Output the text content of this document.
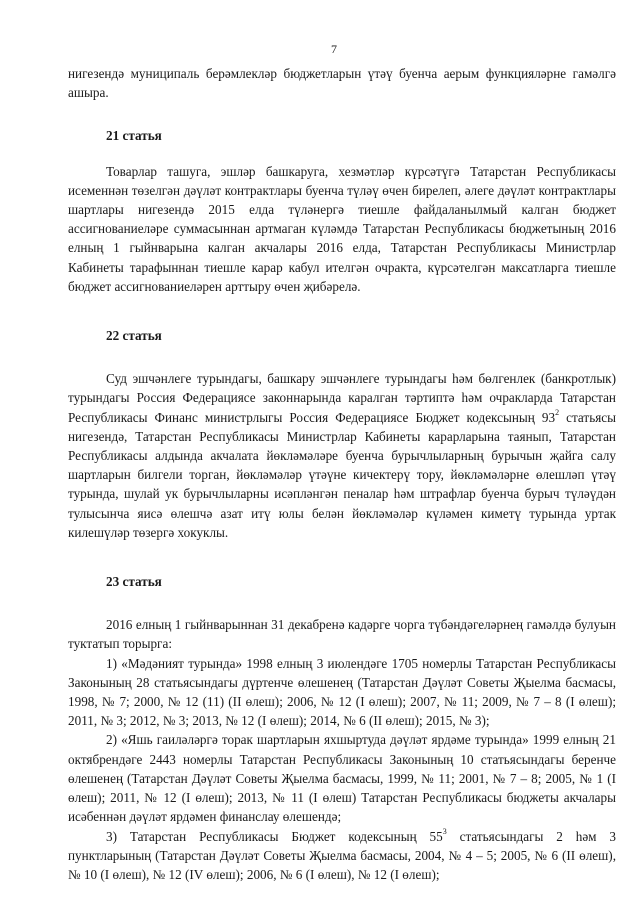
7

нигезендә муниципаль берәмлекләр бюджетларын үтәү буенча аерым функцияләрне гамәлгә ашыра.

21 статья

Товарлар ташуга, эшләр башкаруга, хезмәтләр күрсәтүгә Татарстан Республикасы исеменнән төзелгән дәүләт контрактлары буенча түләү өчен бирелеп, әлеге дәүләт контрактлары шартлары нигезендә 2015 елда түләнергә тиешле файдаланылмый калган бюджет ассигнованиеләре суммасыннан артмаган күләмдә Татарстан Республикасы бюджетының 2016 елның 1 гыйнварына калган акчалары 2016 елда, Татарстан Республикасы Министрлар Кабинеты тарафыннан тиешле карар кабул ителгән очракта, күрсәтелгән максатларга тиешле бюджет ассигнованиеләрен арттыру өчен җибәрелә.

22 статья

Суд эшчәнлеге турындагы, башкару эшчәнлеге турындагы һәм бөлгенлек (банкротлык) турындагы Россия Федерациясе законнарында каралган тәртиптә һәм очракларда Татарстан Республикасы Финанс министрлыгы Россия Федерациясе Бюджет кодексының $93^2$ статьясы нигезендә, Татарстан Республикасы Министрлар Кабинеты карарларына таянып, Татарстан Республикасы алдында акчалата йөкләмәләре буенча бурычлыларның бурычын җайга салу шартларын билгели торган, йөкләмәләр үтәүне кичектерү тору, йөкләмәләрне өлешләп үтәү турында, шулай ук бурычлыларны исәпләнгән пеналар һәм штрафлар буенча бурыч түләүдән тулысынча яисә өлешчә азат итү юлы белән йөкләмәләр күләмен киметү турында уртак килешүләр төзергә хокуклы.

23 статья

2016 елның 1 гыйнварыннан 31 декабренә кадәрге чорга түбәндәгеләрнең гамәлдә булуын туктатып торырга:

1) «Мәдәният турында» 1998 елның 3 июлендәге 1705 номерлы Татарстан Республикасы Законының 28 статьясындагы дүртенче өлешенең (Татарстан Дәүләт Советы Җыелма басмасы, 1998, № 7; 2000, № 12 (11) (II өлеш); 2006, № 12 (I өлеш); 2007, № 11; 2009, № 7 – 8 (I өлеш); 2011, № 3; 2012, № 3; 2013, № 12 (I өлеш); 2014, № 6 (II өлеш); 2015, № 3);

2) «Яшь гаиләләргә торак шартларын яхшыртуда дәүләт ярдәме турында» 1999 елның 21 октябрендәге 2443 номерлы Татарстан Республикасы Законының 10 статьясындагы беренче өлешенең (Татарстан Дәүләт Советы Җыелма басмасы, 1999, № 11; 2001, № 7 – 8; 2005, № 1 (I өлеш); 2011, № 12 (I өлеш); 2013, № 11 (I өлеш) Татарстан Республикасы бюджеты акчалары исәбеннән дәүләт ярдәмен финанслау өлешендә;

3) Татарстан Республикасы Бюджет кодексының $55^3$ статьясындагы 2 һәм 3 пунктларының (Татарстан Дәүләт Советы Җыелма басмасы, 2004, № 4 – 5; 2005, № 6 (II өлеш), № 10 (I өлеш), № 12 (IV өлеш); 2006, № 6 (I өлеш), № 12 (I өлеш);
